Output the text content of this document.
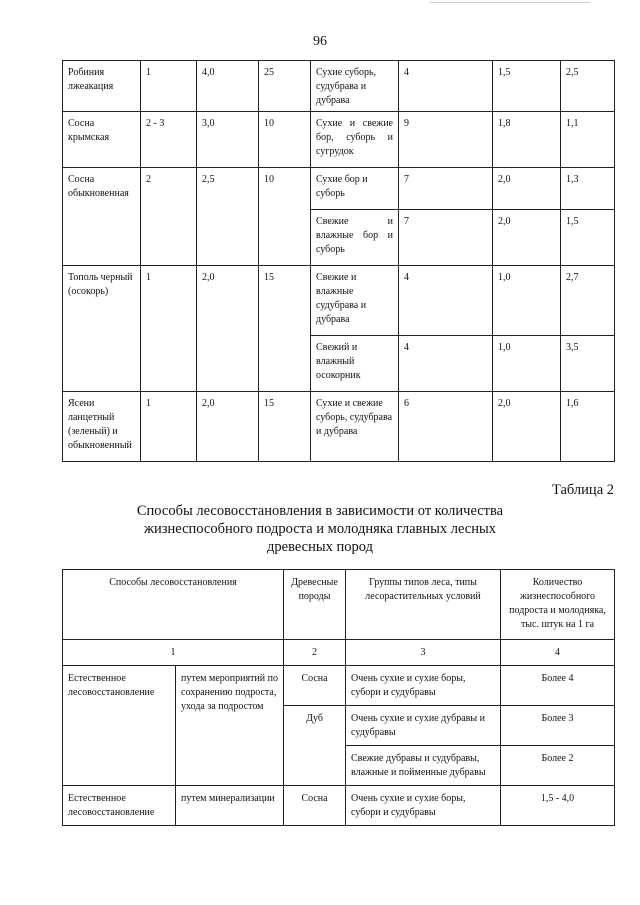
96
Робиния лжеакация	1	4,0	25	Сухие суборь, судубрава и дубрава	4	1,5	2,5
Сосна крымская	2 - 3	3,0	10	Сухие и свежие бор, суборь и сугрудок	9	1,8	1,1
Сосна обыкновенная	2	2,5	10	Сухие бор и суборь	7	2,0	1,3
				Свежие и влажные бор и суборь	7	2,0	1,5
Тополь черный (осокорь)	1	2,0	15	Свежие и влажные судубрава и дубрава	4	1,0	2,7
				Свежий и влажный осокорник	4	1,0	3,5
Ясени ланцетный (зеленый) и обыкновенный	1	2,0	15	Сухие и свежие суборь, судубрава и дубрава	6	2,0	1,6
Таблица 2
Способы лесовосстановления в зависимости от количества жизнеспособного подроста и молодняка главных лесных древесных пород
Способы лесовосстановления		Древесные породы	Группы типов леса, типы лесорастительных условий	Количество жизнеспособного подроста и молодняка, тыс. штук на 1 га
1		2	3	4
Естественное лесовосстановление	путем мероприятий по сохранению подроста, ухода за подростом	Сосна	Очень сухие и сухие боры, субори и судубравы	Более 4
		Дуб	Очень сухие и сухие дубравы и судубравы	Более 3
			Свежие дубравы и судубравы, влажные и пойменные дубравы	Более 2
Естественное лесовосстановление	путем минерализации	Сосна	Очень сухие и сухие боры, субори и судубравы	1,5 - 4,0
